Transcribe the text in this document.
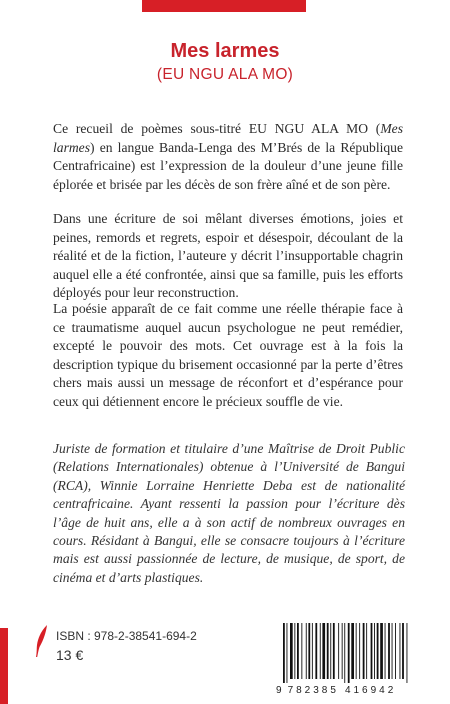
Mes larmes
(EU NGU ALA MO)

Ce recueil de poèmes sous-titré EU NGU ALA MO (Mes larmes) en langue Banda-Lenga des M’Brés de la République Centrafricaine) est l’expression de la douleur d’une jeune fille éplorée et brisée par les décès de son frère aîné et de son père.

Dans une écriture de soi mêlant diverses émotions, joies et peines, remords et regrets, espoir et désespoir, découlant de la réalité et de la fiction, l’auteure y décrit l’insupportable chagrin auquel elle a été confrontée, ainsi que sa famille, puis les efforts déployés pour leur reconstruction.

La poésie apparaît de ce fait comme une réelle thérapie face à ce traumatisme auquel aucun psychologue ne peut remédier, excepté le pouvoir des mots. Cet ouvrage est à la fois la description typique du brisement occasionné par la perte d’êtres chers mais aussi un message de réconfort et d’espérance pour ceux qui détiennent encore le précieux souffle de vie.

Juriste de formation et titulaire d’une Maîtrise de Droit Public (Relations Internationales) obtenue à l’Université de Bangui (RCA), Winnie Lorraine Henriette Deba est de nationalité centrafricaine. Ayant ressenti la passion pour l’écriture dès l’âge de huit ans, elle a à son actif de nombreux ouvrages en cours. Résidant à Bangui, elle se consacre toujours à l’écriture mais est aussi passionnée de lecture, de musique, de sport, de cinéma et d’arts plastiques.

ISBN : 978-2-38541-694-2
13 €
9 782385 416942
